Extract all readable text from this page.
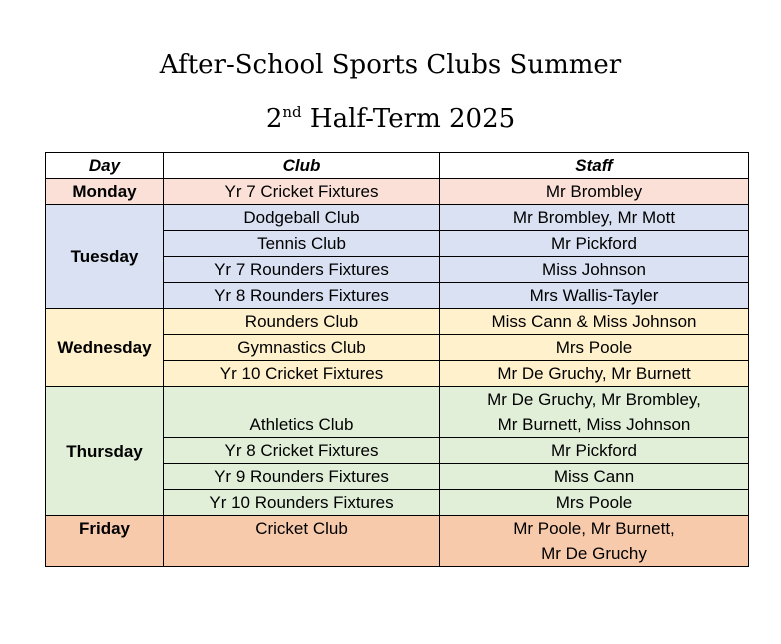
After-School Sports Clubs Summer
2nd Half-Term 2025
Day	Club	Staff
Monday	Yr 7 Cricket Fixtures	Mr Brombley
Tuesday	Dodgeball Club	Mr Brombley, Mr Mott
	Tennis Club	Mr Pickford
	Yr 7 Rounders Fixtures	Miss Johnson
	Yr 8 Rounders Fixtures	Mrs Wallis-Tayler
Wednesday	Rounders Club	Miss Cann & Miss Johnson
	Gymnastics Club	Mrs Poole
	Yr 10 Cricket Fixtures	Mr De Gruchy, Mr Burnett
Thursday	Athletics Club	Mr De Gruchy, Mr Brombley,
Mr Burnett, Miss Johnson

	Yr 8 Cricket Fixtures	Mr Pickford
	Yr 9 Rounders Fixtures	Miss Cann
	Yr 10 Rounders Fixtures	Mrs Poole
Friday	Cricket Club	Mr Poole, Mr Burnett,
Mr De Gruchy
